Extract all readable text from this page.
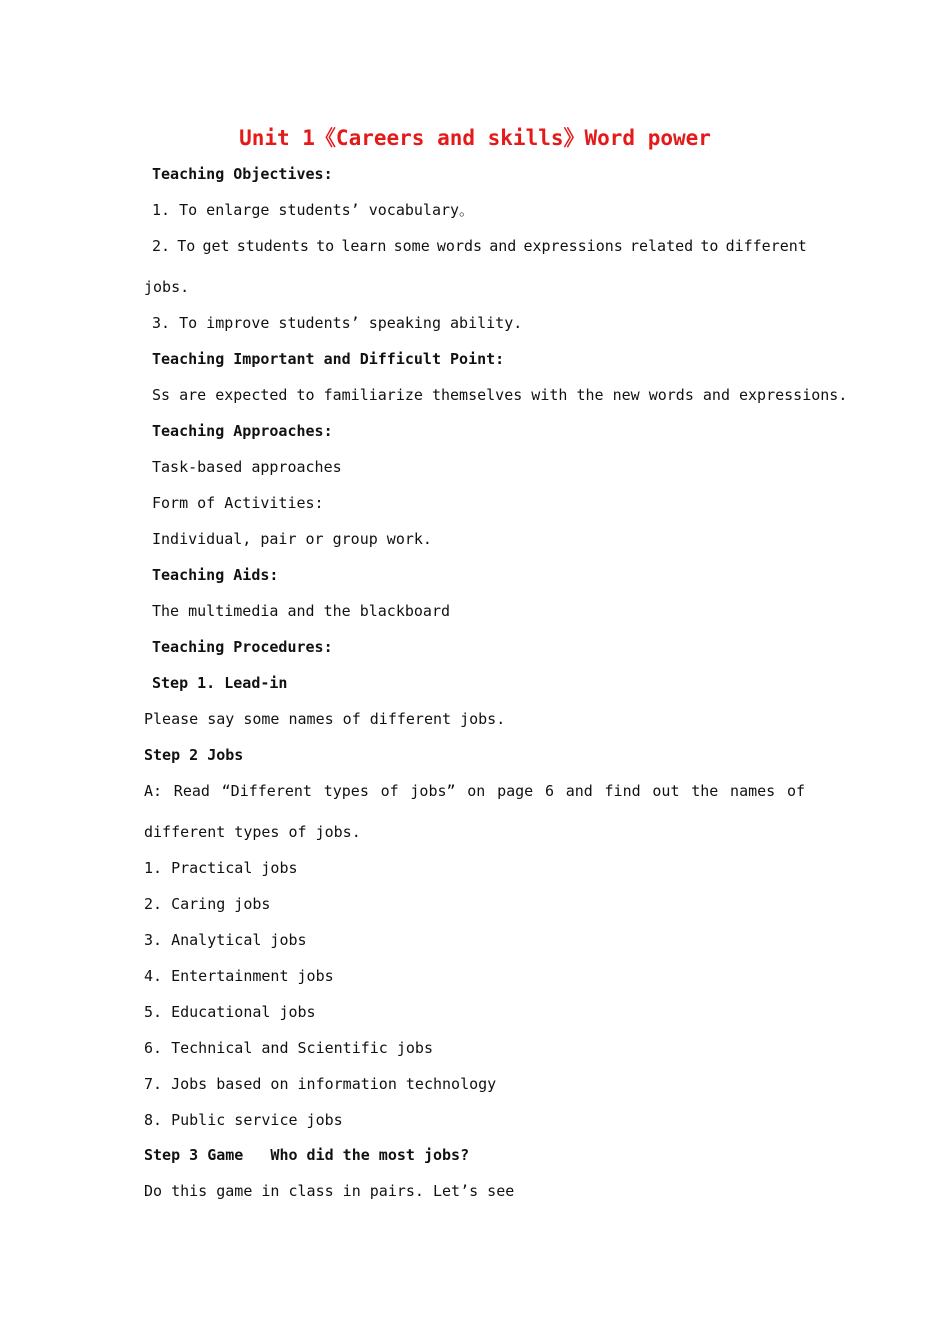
Unit 1《Careers and skills》Word power
Teaching Objectives:
1. To enlarge students’ vocabulary。
2. To get students to learn some words and expressions related to different
jobs.
3. To improve students’ speaking ability.
Teaching Important and Difficult Point:
Ss are expected to familiarize themselves with the new words and expressions.
Teaching Approaches:
Task-based approaches
Form of Activities:
Individual, pair or group work.
Teaching Aids:
The multimedia and the blackboard
Teaching Procedures:
Step 1. Lead-in
Please say some names of different jobs.
Step 2 Jobs
A: Read “Different types of jobs” on page 6 and find out the names of
different types of jobs.
1. Practical jobs
2. Caring jobs
3. Analytical jobs
4. Entertainment jobs
5. Educational jobs
6. Technical and Scientific jobs
7. Jobs based on information technology
8. Public service jobs
Step 3 Game   Who did the most jobs?
Do this game in class in pairs. Let’s see
